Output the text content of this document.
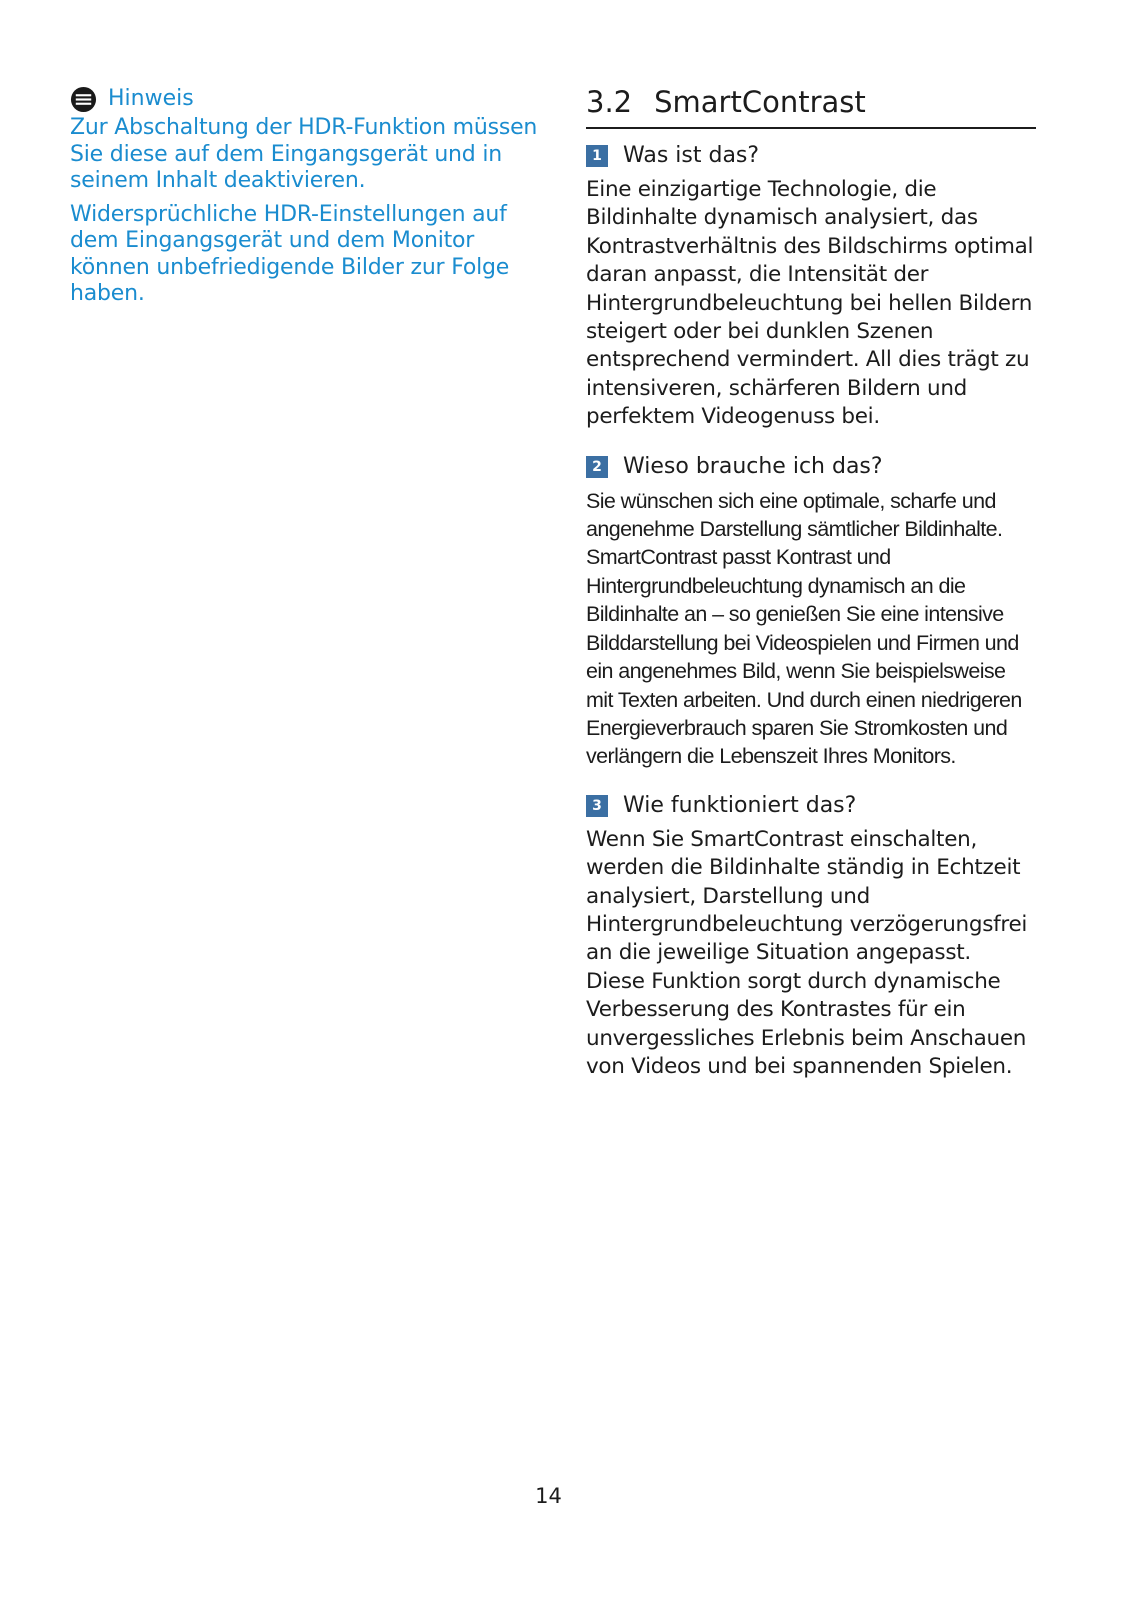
Hinweis

Zur Abschaltung der HDR-Funktion müssen Sie diese auf dem Eingangsgerät und in seinem Inhalt deaktivieren.

Widersprüchliche HDR-Einstellungen auf dem Eingangsgerät und dem Monitor können unbefriedigende Bilder zur Folge haben.

3.2 SmartContrast
1 Was ist das?

Eine einzigartige Technologie, die Bildinhalte dynamisch analysiert, das Kontrastverhältnis des Bildschirms optimal daran anpasst, die Intensität der Hintergrundbeleuchtung bei hellen Bildern steigert oder bei dunklen Szenen entsprechend vermindert. All dies trägt zu intensiveren, schärferen Bildern und perfektem Videogenuss bei.

2 Wieso brauche ich das?

Sie wünschen sich eine optimale, scharfe und angenehme Darstellung sämtlicher Bildinhalte. SmartContrast passt Kontrast und Hintergrundbeleuchtung dynamisch an die Bildinhalte an – so genießen Sie eine intensive Bilddarstellung bei Videospielen und Firmen und ein angenehmes Bild, wenn Sie beispielsweise mit Texten arbeiten. Und durch einen niedrigeren Energieverbrauch sparen Sie Stromkosten und verlängern die Lebenszeit Ihres Monitors.

3 Wie funktioniert das?

Wenn Sie SmartContrast einschalten, werden die Bildinhalte ständig in Echtzeit analysiert, Darstellung und Hintergrundbeleuchtung verzögerungsfrei an die jeweilige Situation angepasst. Diese Funktion sorgt durch dynamische Verbesserung des Kontrastes für ein unvergessliches Erlebnis beim Anschauen von Videos und bei spannenden Spielen.

14
